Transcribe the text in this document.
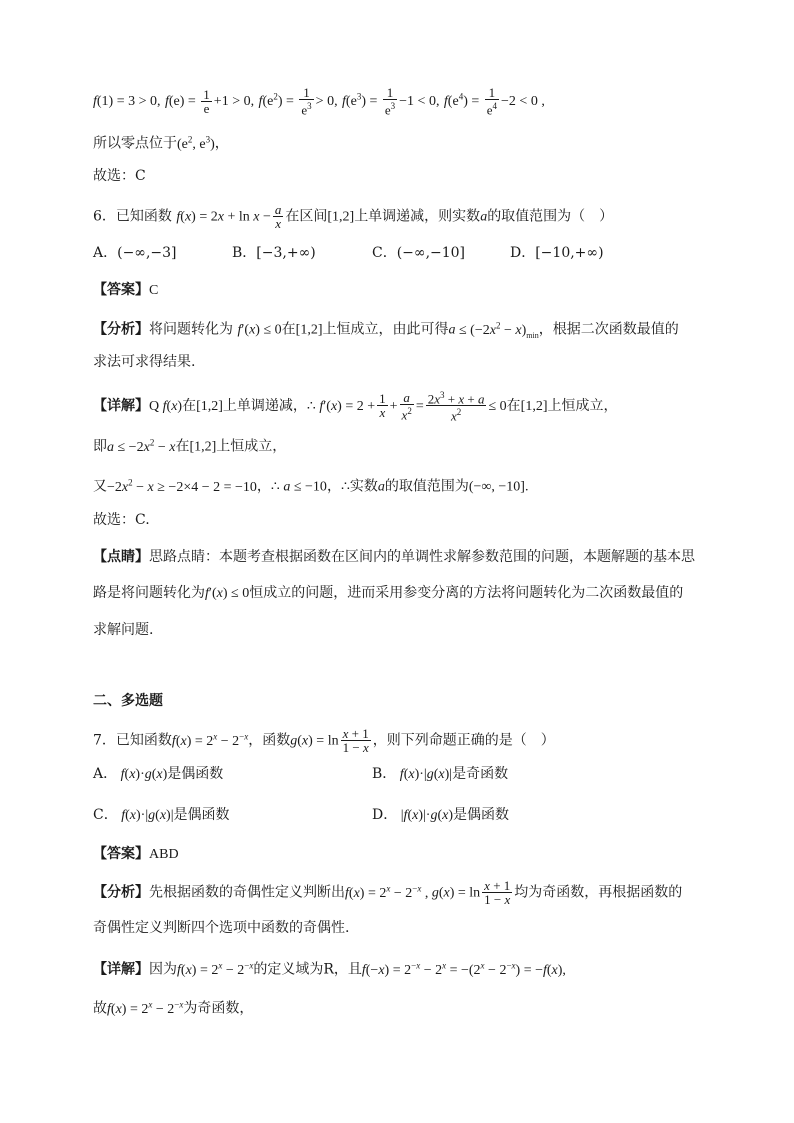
f(1) = 3 > 0, $f(e) = \frac{1}{e} +1 > 0$, $f(e^2) = \frac{1}{e^3} > 0$, $f(e^3) = \frac{1}{e^3} -1 < 0$, $f(e^4) = \frac{1}{e^4} -2 < 0$ ,
所以零点位于($e^2$, $e^3$)，
故选：C
6．已知函数 $f(x) = 2x + \ln x - \frac{a}{x}$ 在区间[1,2]上单调递减，则实数a的取值范围为（　）
A．(−∞,−3]	B．[−3,+∞)	C．(−∞,−10]	D．[−10,+∞)
【答案】C
【分析】将问题转化为 f′(x) ≤ 0在[1,2]上恒成立，由此可得$a \le (-2x^2 - x)_{min}$，根据二次函数最值的
求法可求得结果.
【详解】Q f(x)在[1,2]上单调递减，∴ $f'(x) = 2 + \frac{1}{x} + \frac{a}{x^2} = \frac{2x^3 + x + a}{x^2} \le 0$在[1,2]上恒成立，
即$a \le -2x^2 - x$在[1,2]上恒成立，
又$-2x^2 - x \ge -2\times 4 - 2 = -10$，∴ a ≤ −10，∴实数a的取值范围为(−∞, −10].
故选：C.
【点睛】思路点睛：本题考查根据函数在区间内的单调性求解参数范围的问题，本题解题的基本思
路是将问题转化为f′(x) ≤ 0恒成立的问题，进而采用参变分离的方法将问题转化为二次函数最值的
求解问题.
二、多选题
7．已知函数$f(x) = 2^x - 2^{-x}$，函数$g(x) = \ln \frac{x + 1}{1 - x}$ ，则下列命题正确的是（　）
A． f(x)·g(x)是偶函数	B． f(x)·|g(x)|是奇函数
C． f(x)·|g(x)|是偶函数	D． |f(x)|·g(x)是偶函数
【答案】ABD
【分析】先根据函数的奇偶性定义判断出$f(x) = 2^x - 2^{-x}$ , $g(x) = \ln \frac{x + 1}{1 - x}$ 均为奇函数，再根据函数的
奇偶性定义判断四个选项中函数的奇偶性.
【详解】因为$f(x) = 2^x - 2^{-x}$的定义域为R，且$f(-x) = 2^{-x} - 2^x = -(2^x - 2^{-x}) = -f(x)$,
故$f(x) = 2^x - 2^{-x}$为奇函数，
